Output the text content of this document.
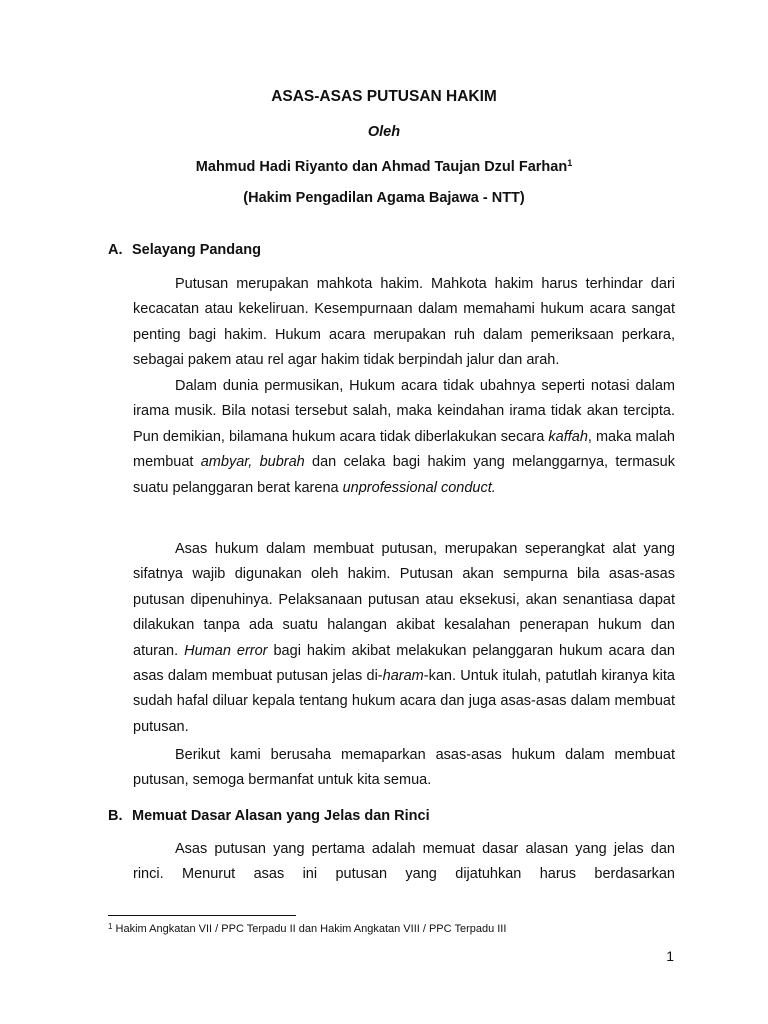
ASAS-ASAS PUTUSAN HAKIM
Oleh
Mahmud Hadi Riyanto dan Ahmad Taujan Dzul Farhan$^1$
(Hakim Pengadilan Agama Bajawa - NTT)
A. Selayang Pandang

Putusan merupakan mahkota hakim. Mahkota hakim harus terhindar dari kecacatan atau kekeliruan. Kesempurnaan dalam memahami hukum acara sangat penting bagi hakim. Hukum acara merupakan ruh dalam pemeriksaan perkara, sebagai pakem atau rel agar hakim tidak berpindah jalur dan arah.

Dalam dunia permusikan, Hukum acara tidak ubahnya seperti notasi dalam irama musik. Bila notasi tersebut salah, maka keindahan irama tidak akan tercipta. Pun demikian, bilamana hukum acara tidak diberlakukan secara kaffah, maka malah membuat ambyar, bubrah dan celaka bagi hakim yang melanggarnya, termasuk suatu pelanggaran berat karena unprofessional conduct.

Asas hukum dalam membuat putusan, merupakan seperangkat alat yang sifatnya wajib digunakan oleh hakim. Putusan akan sempurna bila asas-asas putusan dipenuhinya. Pelaksanaan putusan atau eksekusi, akan senantiasa dapat dilakukan tanpa ada suatu halangan akibat kesalahan penerapan hukum dan aturan. Human error bagi hakim akibat melakukan pelanggaran hukum acara dan asas dalam membuat putusan jelas di-haram-kan. Untuk itulah, patutlah kiranya kita sudah hafal diluar kepala tentang hukum acara dan juga asas-asas dalam membuat putusan.

Berikut kami berusaha memaparkan asas-asas hukum dalam membuat putusan, semoga bermanfat untuk kita semua.

B. Memuat Dasar Alasan yang Jelas dan Rinci

Asas putusan yang pertama adalah memuat dasar alasan yang jelas dan rinci. Menurut asas ini putusan yang dijatuhkan harus berdasarkan

$^1$ Hakim Angkatan VII / PPC Terpadu II dan Hakim Angkatan VIII / PPC Terpadu III
1
